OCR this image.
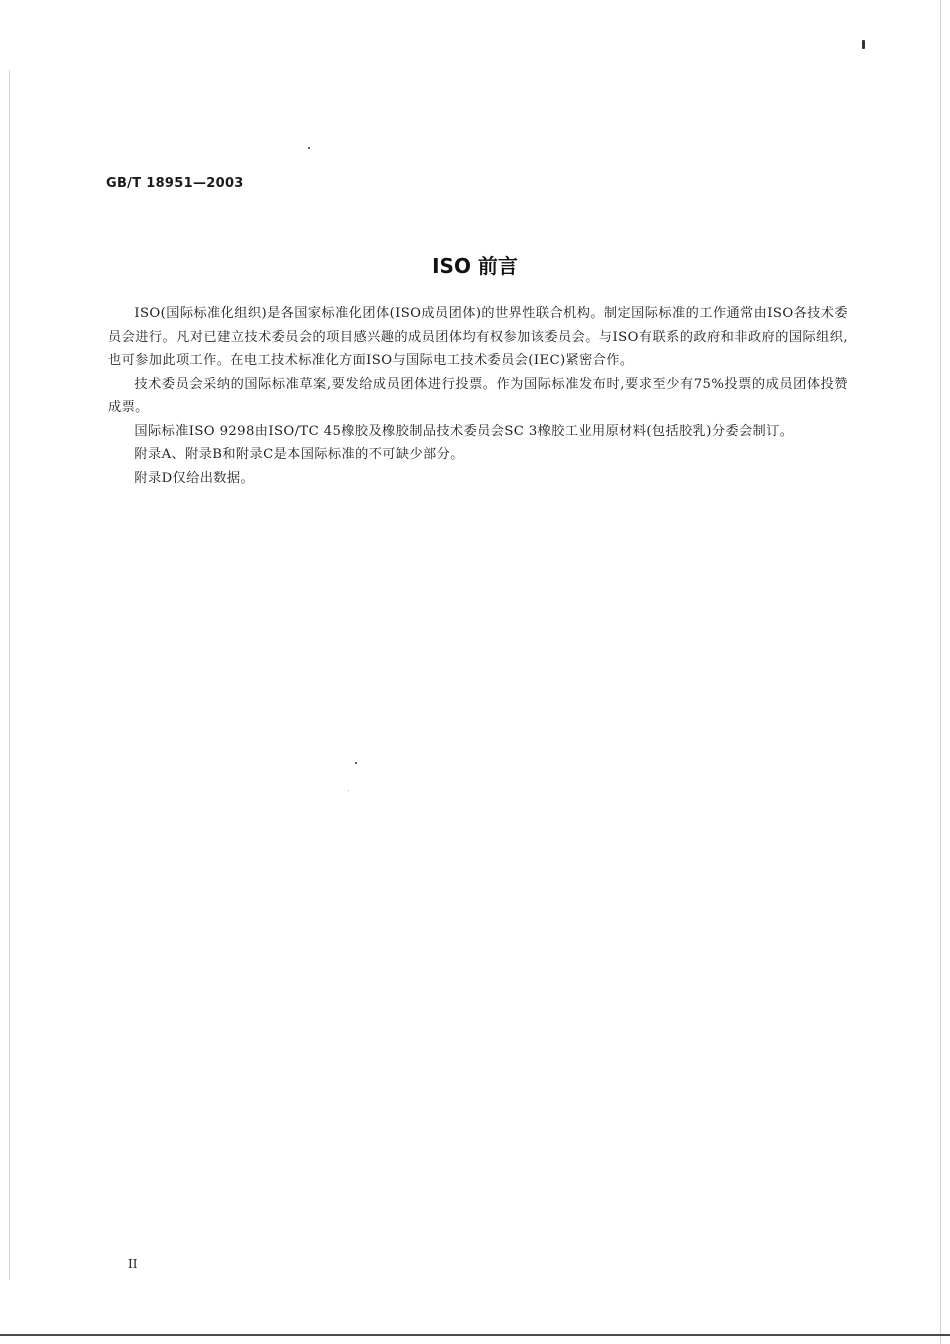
GB/T 18951—2003
ISO 前言

ISO(国际标准化组织)是各国家标准化团体(ISO成员团体)的世界性联合机构。制定国际标准的工作通常由ISO各技术委员会进行。凡对已建立技术委员会的项目感兴趣的成员团体均有权参加该委员会。与ISO有联系的政府和非政府的国际组织,也可参加此项工作。在电工技术标准化方面ISO与国际电工技术委员会(IEC)紧密合作。

技术委员会采纳的国际标准草案,要发给成员团体进行投票。作为国际标准发布时,要求至少有75%投票的成员团体投赞成票。

国际标准ISO 9298由ISO/TC 45橡胶及橡胶制品技术委员会SC 3橡胶工业用原材料(包括胶乳)分委会制订。

附录A、附录B和附录C是本国际标准的不可缺少部分。

附录D仅给出数据。

II
